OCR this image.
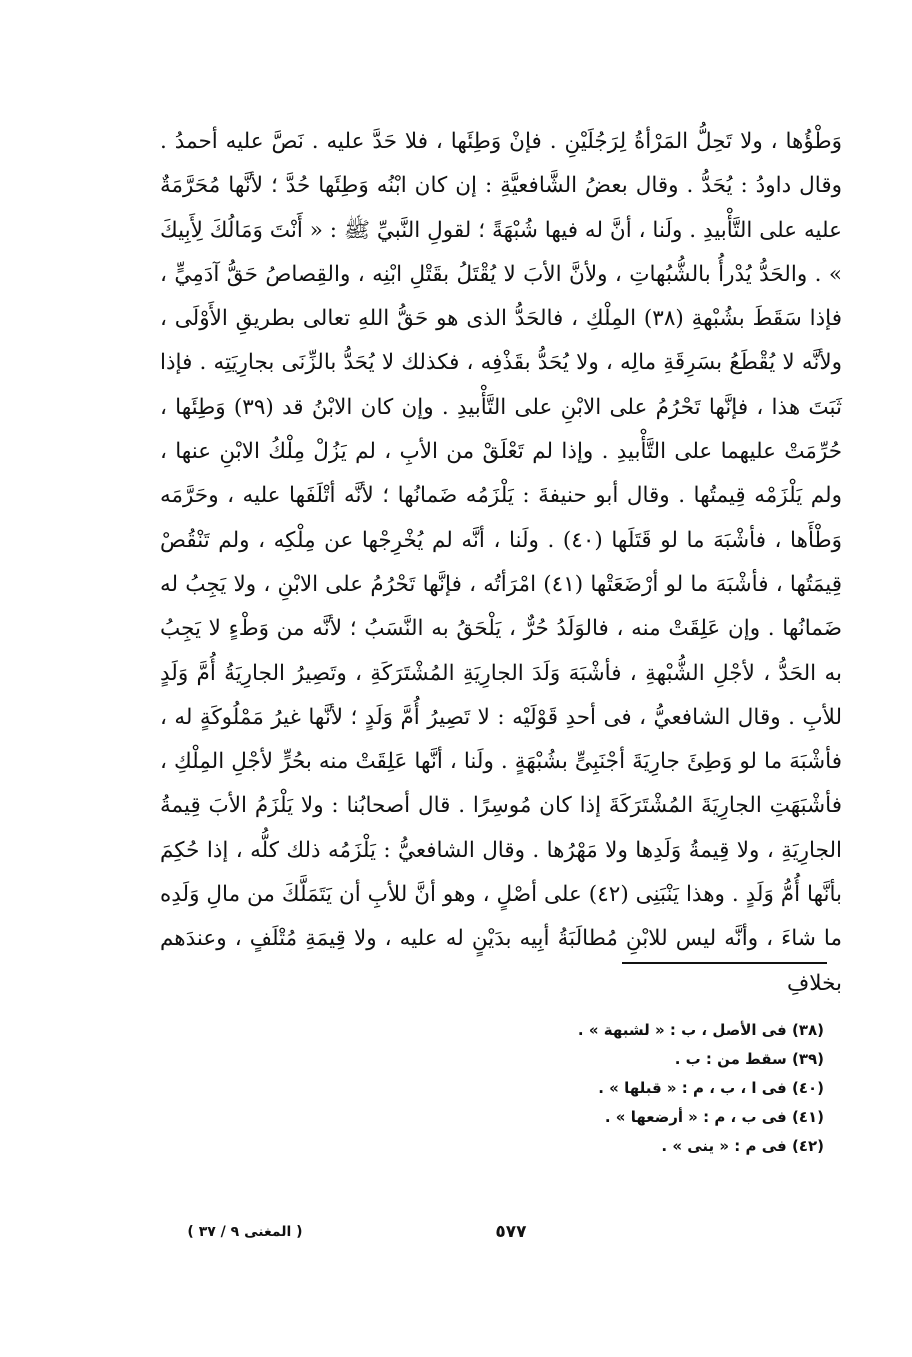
وَطْؤُها ، ولا تَحِلُّ المَرْأةُ لِرَجُلَيْنِ . فإنْ وَطِئَها ، فلا حَدَّ عليه . نَصَّ عليه أحمدُ . وقال داودُ : يُحَدُّ . وقال بعضُ الشَّافعيَّةِ : إن كان ابْنُه وَطِئَها حُدَّ ؛ لأنَّها مُحَرَّمَةٌ عليه على التَّأْبيدِ . ولَنا ، أنَّ له فيها شُبْهَةً ؛ لقولِ النَّبيِّ ﷺ : « أَنْتَ وَمَالُكَ لِأَبِيكَ » . والحَدُّ يُدْرأُ بالشُّبُهاتِ ، ولأنَّ الأبَ لا يُقْتَلُ بقَتْلِ ابْنِه ، والقِصاصُ حَقُّ آدَمِيٍّ ، فإذا سَقَطَ بشُبْهةِ (٣٨) المِلْكِ ، فالحَدُّ الذى هو حَقُّ اللهِ تعالى بطريقِ الأَوْلَى ، ولأنَّه لا يُقْطَعُ بسَرِقَةِ مالِه ، ولا يُحَدُّ بقَذْفِه ، فكذلك لا يُحَدُّ بالزِّنَى بجارِيَتِه . فإذا ثَبَتَ هذا ، فإنَّها تَحْرُمُ على الابْنِ على التَّأْبيدِ . وإن كان الابْنُ قد (٣٩) وَطِئَها ، حُرِّمَتْ عليهما على التَّأْبيدِ . وإذا لم تَعْلَقْ من الأبِ ، لم يَزُلْ مِلْكُ الابْنِ عنها ، ولم يَلْزَمْه قِيمتُها . وقال أبو حنيفةَ : يَلْزَمُه ضَمانُها ؛ لأنَّه أتْلَفَها عليه ، وحَرَّمَه وَطْأَها ، فأشْبَهَ ما لو قَتَلَها (٤٠) . ولَنا ، أنَّه لم يُخْرِجْها عن مِلْكِه ، ولم تَنْقُصْ قِيمَتُها ، فأشْبَهَ ما لو أرْضَعَتْها (٤١) امْرَأتُه ، فإنَّها تَحْرُمُ على الابْنِ ، ولا يَجِبُ له ضَمانُها . وإن عَلِقَتْ منه ، فالوَلَدُ حُرٌّ ، يَلْحَقُ به النَّسَبُ ؛ لأنَّه من وَطْءٍ لا يَجِبُ به الحَدُّ ، لأجْلِ الشُّبْهةِ ، فأشْبَهَ وَلَدَ الجارِيَةِ المُشْتَرَكَةِ ، وتَصِيرُ الجارِيَةُ أُمَّ وَلَدٍ للأبِ . وقال الشافعيُّ ، فى أحدِ قَوْلَيْه : لا تَصِيرُ أُمَّ وَلَدٍ ؛ لأنَّها غيرُ مَمْلُوكَةٍ له ، فأشْبَهَ ما لو وَطِئَ جارِيَةَ أجْنَبِىٍّ بشُبْهَةٍ . ولَنا ، أنَّها عَلِقَتْ منه بحُرٍّ لأجْلِ المِلْكِ ، فأشْبَهَتِ الجارِيَةَ المُشْتَرَكَةَ إذا كان مُوسِرًا . قال أصحابُنا : ولا يَلْزَمُ الأبَ قِيمةُ الجارِيَةِ ، ولا قِيمةُ وَلَدِها ولا مَهْرُها . وقال الشافعيُّ : يَلْزَمُه ذلك كلُّه ، إذا حُكِمَ بأنَّها أُمُّ وَلَدٍ . وهذا يَنْبَنِى (٤٢) على أصْلٍ ، وهو أنَّ للأبِ أن يَتَمَلَّكَ من مالِ وَلَدِه ما شاءَ ، وأنَّه ليس للابْنِ مُطالَبَةُ أبِيه بدَيْنٍ له عليه ، ولا قِيمَةِ مُتْلَفٍ ، وعندَهم بخلافِ

(٣٨) فى الأصل ، ب : « لشبهة » .
(٣٩) سقط من : ب .
(٤٠) فى ا ، ب ، م : « قبلها » .
(٤١) فى ب ، م : « أرضعها » .
(٤٢) فى م : « ينى » .
٥٧٧
( المغنى ٩ / ٣٧ )
